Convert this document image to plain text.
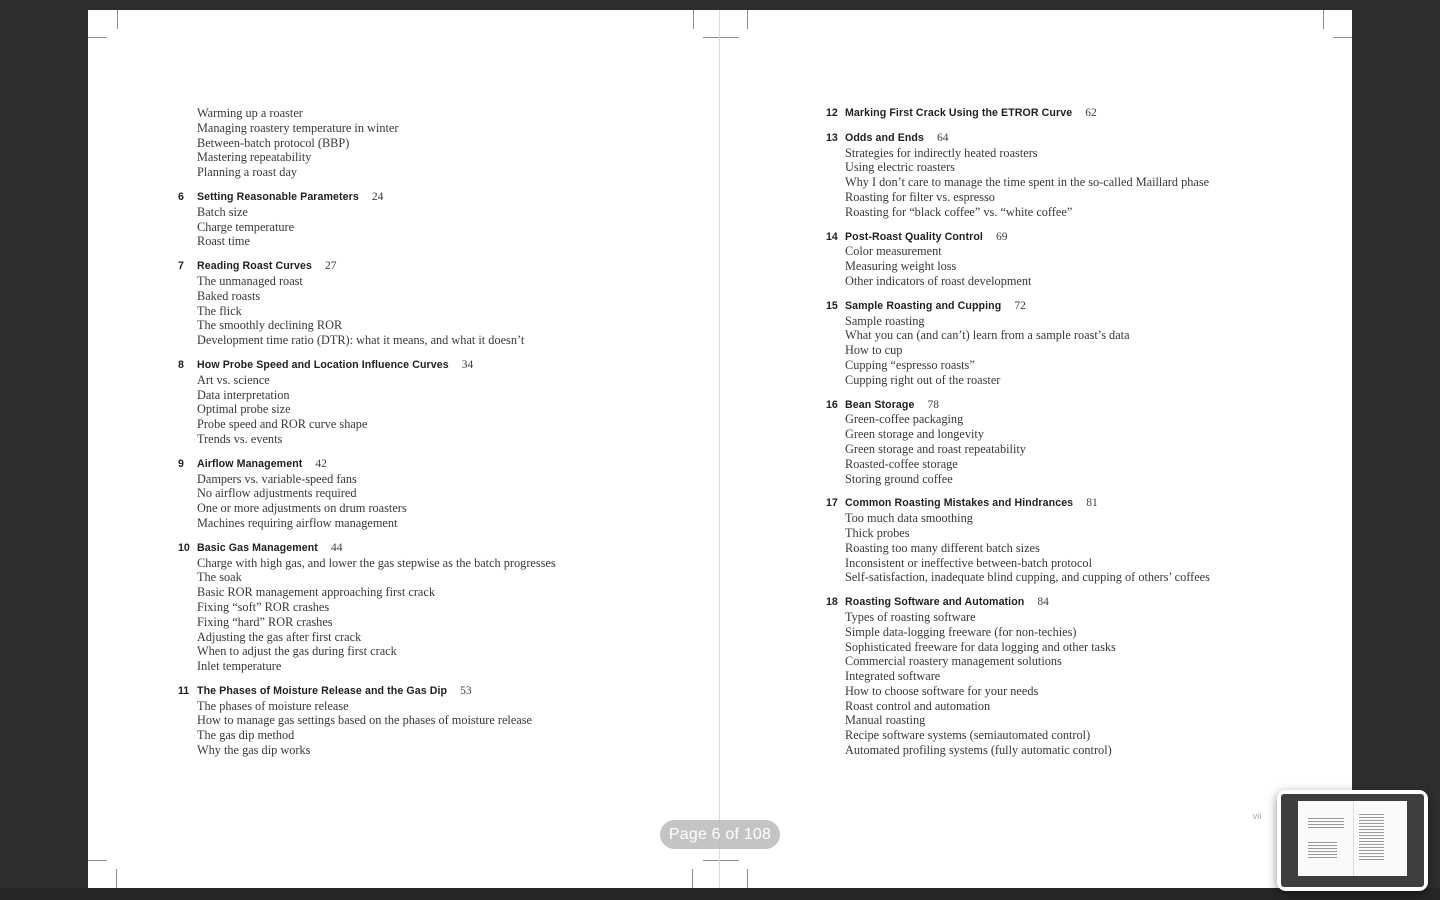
Warming up a roaster
Managing roastery temperature in winter
Between-batch protocol (BBP)
Mastering repeatability
Planning a roast day
6	Setting Reasonable Parameters 24
Batch size
Charge temperature
Roast time
7	Reading Roast Curves 27
The unmanaged roast
Baked roasts
The flick
The smoothly declining ROR
Development time ratio (DTR): what it means, and what it doesn’t
8	How Probe Speed and Location Influence Curves 34
Art vs. science
Data interpretation
Optimal probe size
Probe speed and ROR curve shape
Trends vs. events
9	Airflow Management 42
Dampers vs. variable-speed fans
No airflow adjustments required
One or more adjustments on drum roasters
Machines requiring airflow management
10 Basic Gas Management 44
Charge with high gas, and lower the gas stepwise as the batch progresses
The soak
Basic ROR management approaching first crack
Fixing “soft” ROR crashes
Fixing “hard” ROR crashes
Adjusting the gas after first crack
When to adjust the gas during first crack
Inlet temperature
11 The Phases of Moisture Release and the Gas Dip 53
The phases of moisture release
How to manage gas settings based on the phases of moisture release
The gas dip method
Why the gas dip works
12 Marking First Crack Using the ETROR Curve 62
13 Odds and Ends 64
Strategies for indirectly heated roasters
Using electric roasters
Why I don’t care to manage the time spent in the so-called Maillard phase
Roasting for filter vs. espresso
Roasting for “black coffee” vs. “white coffee”
14 Post-Roast Quality Control 69
Color measurement
Measuring weight loss
Other indicators of roast development
15 Sample Roasting and Cupping 72
Sample roasting
What you can (and can’t) learn from a sample roast’s data
How to cup
Cupping “espresso roasts”
Cupping right out of the roaster
16 Bean Storage 78
Green-coffee packaging
Green storage and longevity
Green storage and roast repeatability
Roasted-coffee storage
Storing ground coffee
17 Common Roasting Mistakes and Hindrances 81
Too much data smoothing
Thick probes
Roasting too many different batch sizes
Inconsistent or ineffective between-batch protocol
Self-satisfaction, inadequate blind cupping, and cupping of others’ coffees
18 Roasting Software and Automation 84
Types of roasting software
Simple data-logging freeware (for non-techies)
Sophisticated freeware for data logging and other tasks
Commercial roastery management solutions
Integrated software
How to choose software for your needs
Roast control and automation
Manual roasting
Recipe software systems (semiautomated control)
Automated profiling systems (fully automatic control)
vii
Page 6 of 108
